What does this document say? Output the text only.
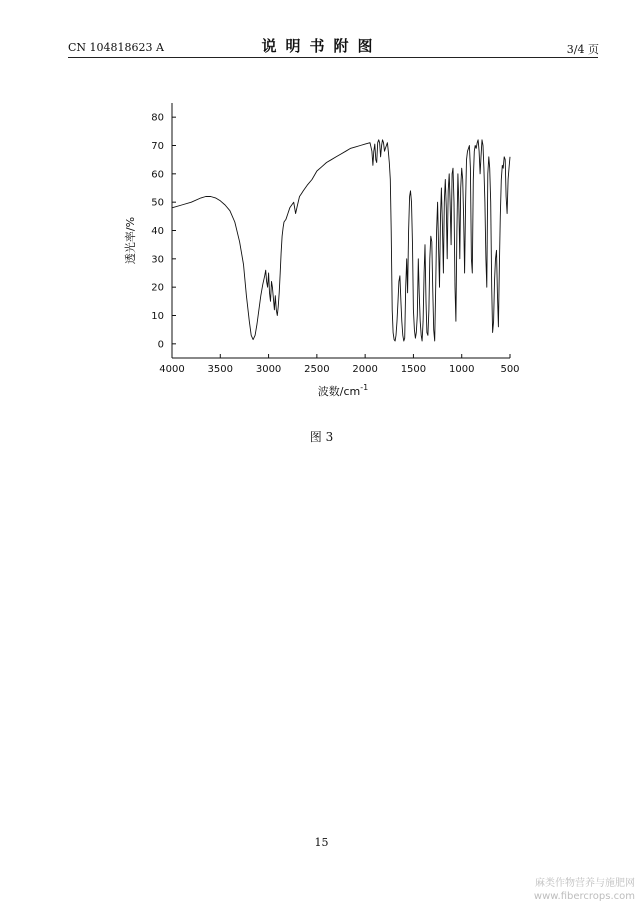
CN 104818623 A	说明书附图	3/4 页
4000 3500 3000 2500 2000 1500 1000	500
0
10
20
30
40
50
60
70
80
波数$/cm^{-1}$
透光率/%
图 3
15
麻类作物营养与施肥网
www.fibercrops.com
